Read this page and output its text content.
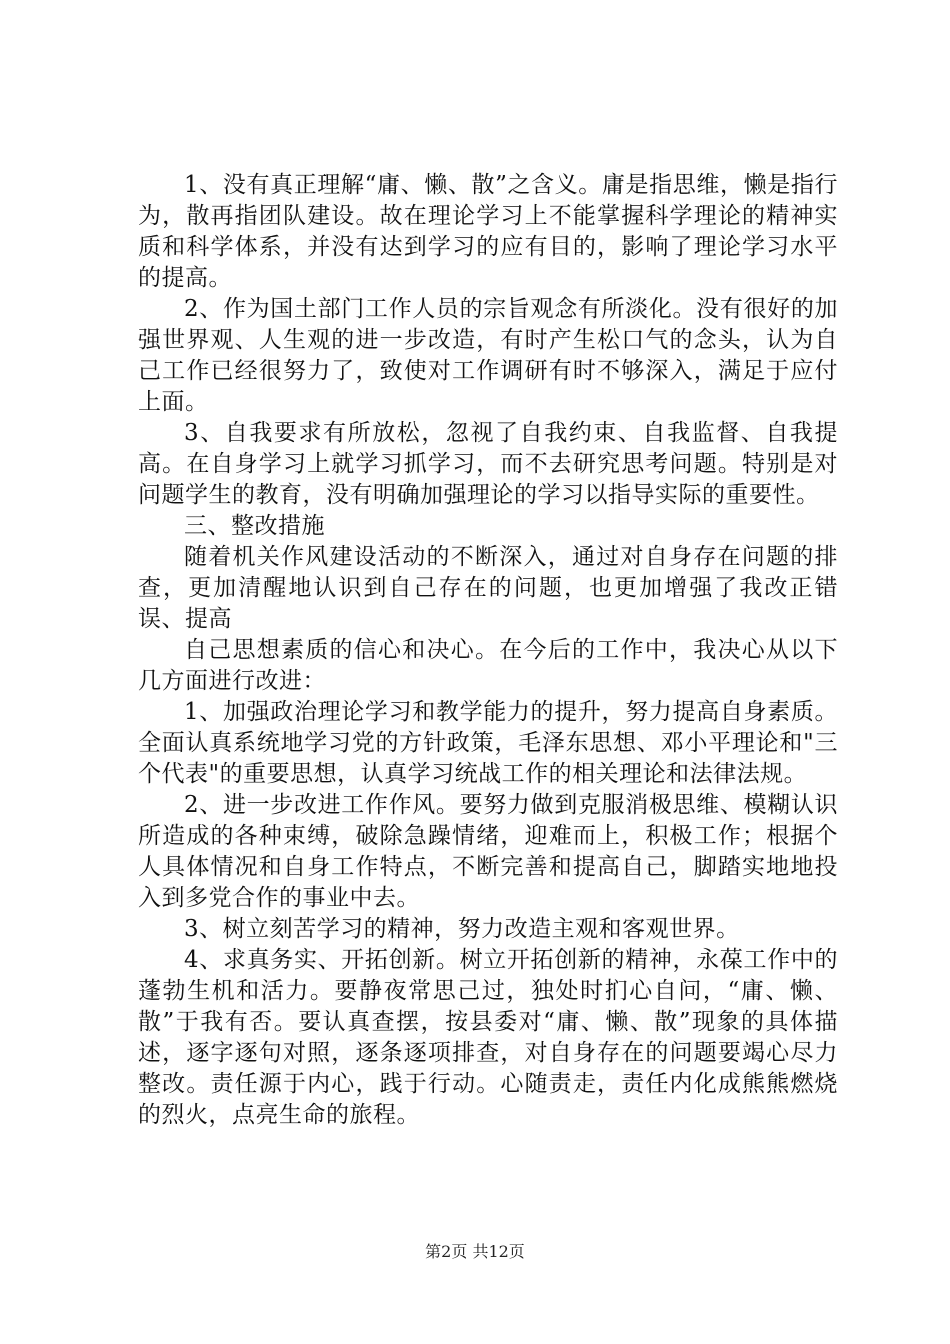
1、没有真正理解“庸、懒、散”之含义。庸是指思维，懒是指行为，散再指团队建设。故在理论学习上不能掌握科学理论的精神实质和科学体系，并没有达到学习的应有目的，影响了理论学习水平的提高。

2、作为国土部门工作人员的宗旨观念有所淡化。没有很好的加强世界观、人生观的进一步改造，有时产生松口气的念头，认为自己工作已经很努力了，致使对工作调研有时不够深入，满足于应付上面。

3、自我要求有所放松，忽视了自我约束、自我监督、自我提高。在自身学习上就学习抓学习，而不去研究思考问题。特别是对问题学生的教育，没有明确加强理论的学习以指导实际的重要性。

三、整改措施

随着机关作风建设活动的不断深入，通过对自身存在问题的排查，更加清醒地认识到自己存在的问题，也更加增强了我改正错误、提高

自己思想素质的信心和决心。在今后的工作中，我决心从以下几方面进行改进：

1、加强政治理论学习和教学能力的提升，努力提高自身素质。全面认真系统地学习党的方针政策，毛泽东思想、邓小平理论和"三个代表"的重要思想，认真学习统战工作的相关理论和法律法规。

2、进一步改进工作作风。要努力做到克服消极思维、模糊认识所造成的各种束缚，破除急躁情绪，迎难而上，积极工作；根据个人具体情况和自身工作特点，不断完善和提高自己，脚踏实地地投入到多党合作的事业中去。

3、树立刻苦学习的精神，努力改造主观和客观世界。

4、求真务实、开拓创新。树立开拓创新的精神，永葆工作中的蓬勃生机和活力。要静夜常思己过，独处时扪心自问，“庸、懒、散”于我有否。要认真查摆，按县委对“庸、懒、散”现象的具体描述，逐字逐句对照，逐条逐项排查，对自身存在的问题要竭心尽力整改。责任源于内心，践于行动。心随责走，责任内化成熊熊燃烧的烈火，点亮生命的旅程。

第2页 共12页
